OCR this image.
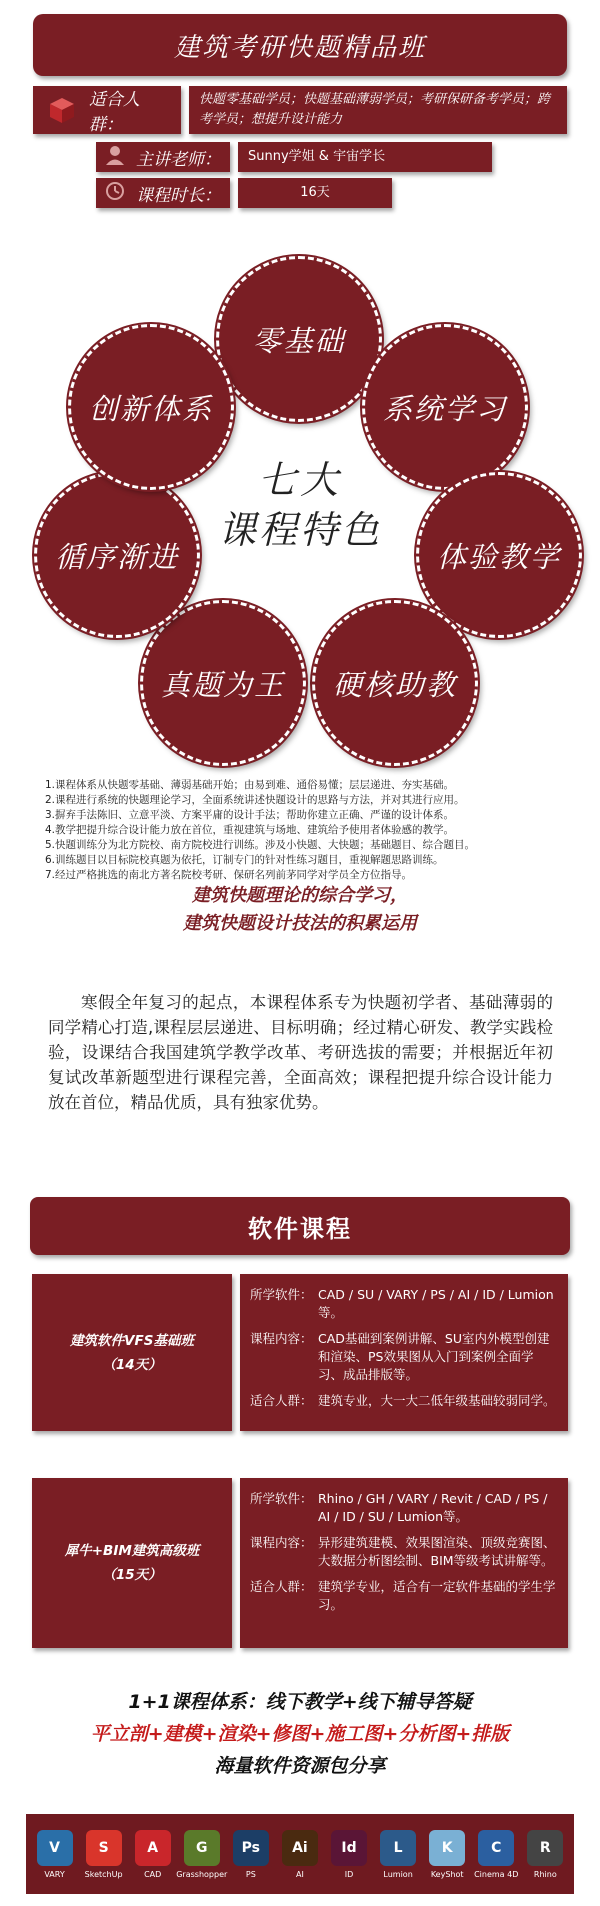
建筑考研快题精品班
适合人群：
快题零基础学员；快题基础薄弱学员；考研保研备考学员；跨考学员；想提升设计能力
主讲老师：	Sunny学姐 & 宇宙学长
课程时长：	16天
零基础
系统学习
体验教学
硬核助教
真题为王
循序渐进
创新体系
七大
课程特色
1.课程体系从快题零基础、薄弱基础开始；由易到难、通俗易懂；层层递进、夯实基础。
2.课程进行系统的快题理论学习，全面系统讲述快题设计的思路与方法，并对其进行应用。
3.摒弃手法陈旧、立意平淡、方案平庸的设计手法；帮助你建立正确、严谨的设计体系。
4.教学把提升综合设计能力放在首位，重视建筑与场地、建筑给予使用者体验感的教学。
5.快题训练分为北方院校、南方院校进行训练。涉及小快题、大快题；基础题目、综合题目。
6.训练题目以目标院校真题为依托，订制专门的针对性练习题目，重视解题思路训练。
7.经过严格挑选的南北方著名院校考研、保研名列前茅同学对学员全方位指导。
建筑快题理论的综合学习，
建筑快题设计技法的积累运用
寒假全年复习的起点，本课程体系专为快题初学者、基础薄弱的同学精心打造,课程层层递进、目标明确；经过精心研发、教学实践检验，设课结合我国建筑学教学改革、考研选拔的需要；并根据近年初复试改革新题型进行课程完善，全面高效；课程把提升综合设计能力放在首位，精品优质，具有独家优势。
软件课程
建筑软件VFS基础班
（14天）
所学软件： CAD / SU / VARY / PS / AI / ID / Lumion等。
课程内容： CAD基础到案例讲解、SU室内外模型创建和渲染、PS效果图从入门到案例全面学习、成品排版等。
适合人群： 建筑专业，大一大二低年级基础较弱同学。
犀牛+BIM建筑高级班
（15天）
所学软件： Rhino / GH / VARY / Revit / CAD / PS / AI / ID / SU / Lumion等。
课程内容： 异形建筑建模、效果图渲染、顶级竞赛图、大数据分析图绘制、BIM等级考试讲解等。
适合人群： 建筑学专业，适合有一定软件基础的学生学习。
1+1课程体系：线下教学+线下辅导答疑
平立剖+建模+渲染+修图+施工图+分析图+排版
海量软件资源包分享
V
VARY
S
SketchUp
A
CAD
G
Grasshopper
Ps
PS
Ai
AI
Id
ID
L
Lumion
K
KeyShot
C
Cinema 4D
R
Rhino
